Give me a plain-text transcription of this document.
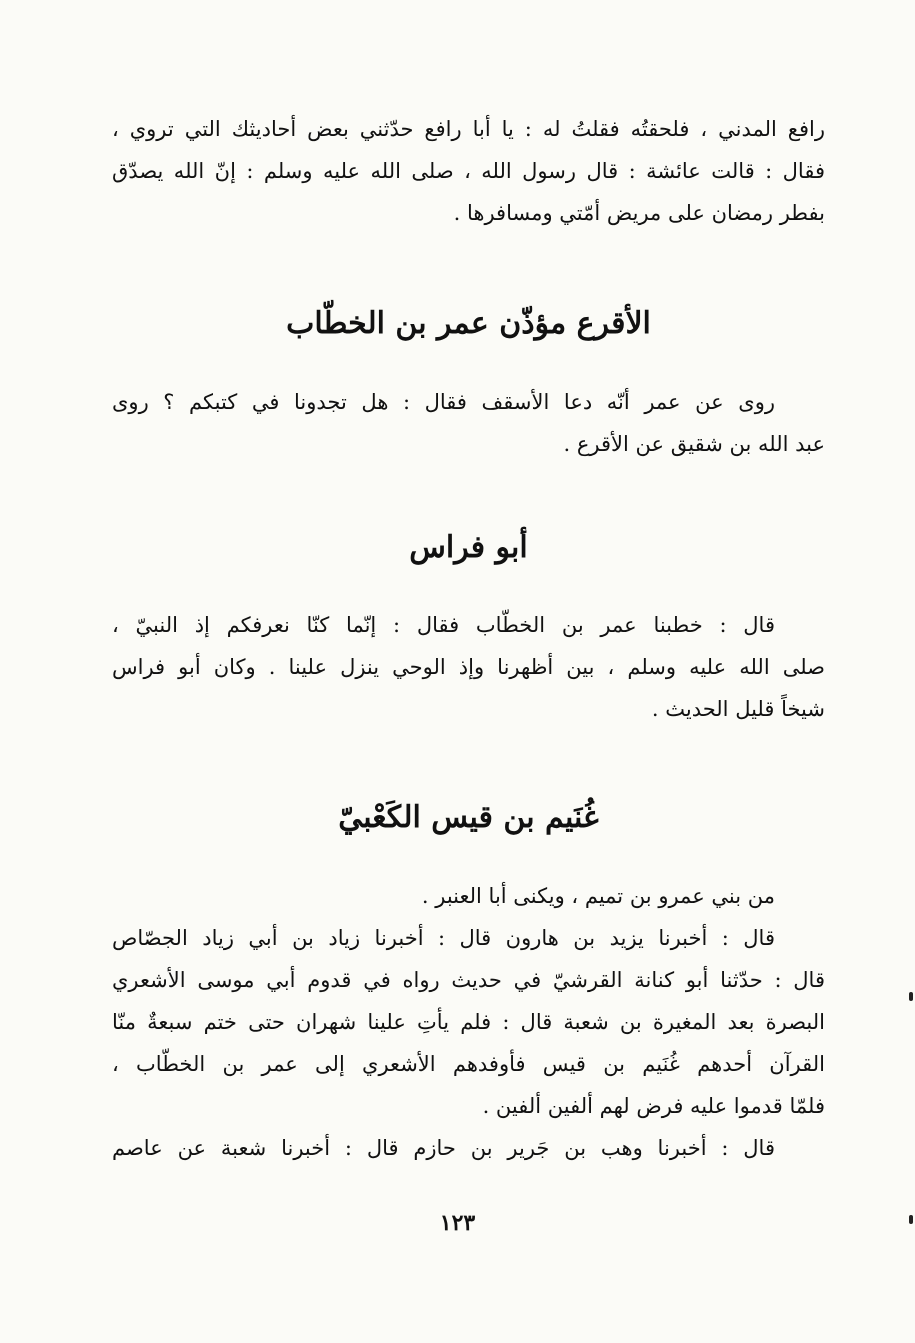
رافع المدني ، فلحقتُه فقلتُ له : يا أبا رافع حدّثني بعض أحاديثك التي تروي ،
فقال : قالت عائشة : قال رسول الله ، صلى الله عليه وسلم : إنّ الله يصدّق
بفطر رمضان على مريض أمّتي ومسافرها .
الأقرع مؤذّن عمر بن الخطّاب
روى عن عمر أنّه دعا الأسقف فقال : هل تجدونا في كتبكم ؟ روى
عبد الله بن شقيق عن الأقرع .
أبو فراس
قال : خطبنا عمر بن الخطّاب فقال : إنّما كنّا نعرفكم إذ النبيّ ،
صلى الله عليه وسلم ، بين أظهرنا وإذ الوحي ينزل علينا . وكان أبو فراس
شيخاً قليل الحديث .
غُنَيم بن قيس الكَعْبيّ
من بني عمرو بن تميم ، ويكنى أبا العنبر .
قال : أخبرنا يزيد بن هارون قال : أخبرنا زياد بن أبي زياد الجصّاص
قال : حدّثنا أبو كنانة القرشيّ في حديث رواه في قدوم أبي موسى الأشعري
البصرة بعد المغيرة بن شعبة قال : فلم يأتِ علينا شهران حتى ختم سبعةٌ منّا
القرآن أحدهم غُنَيم بن قيس فأوفدهم الأشعري إلى عمر بن الخطّاب ،
فلمّا قدموا عليه فرض لهم ألفين ألفين .
قال : أخبرنا وهب بن جَرير بن حازم قال : أخبرنا شعبة عن عاصم
١٢٣
